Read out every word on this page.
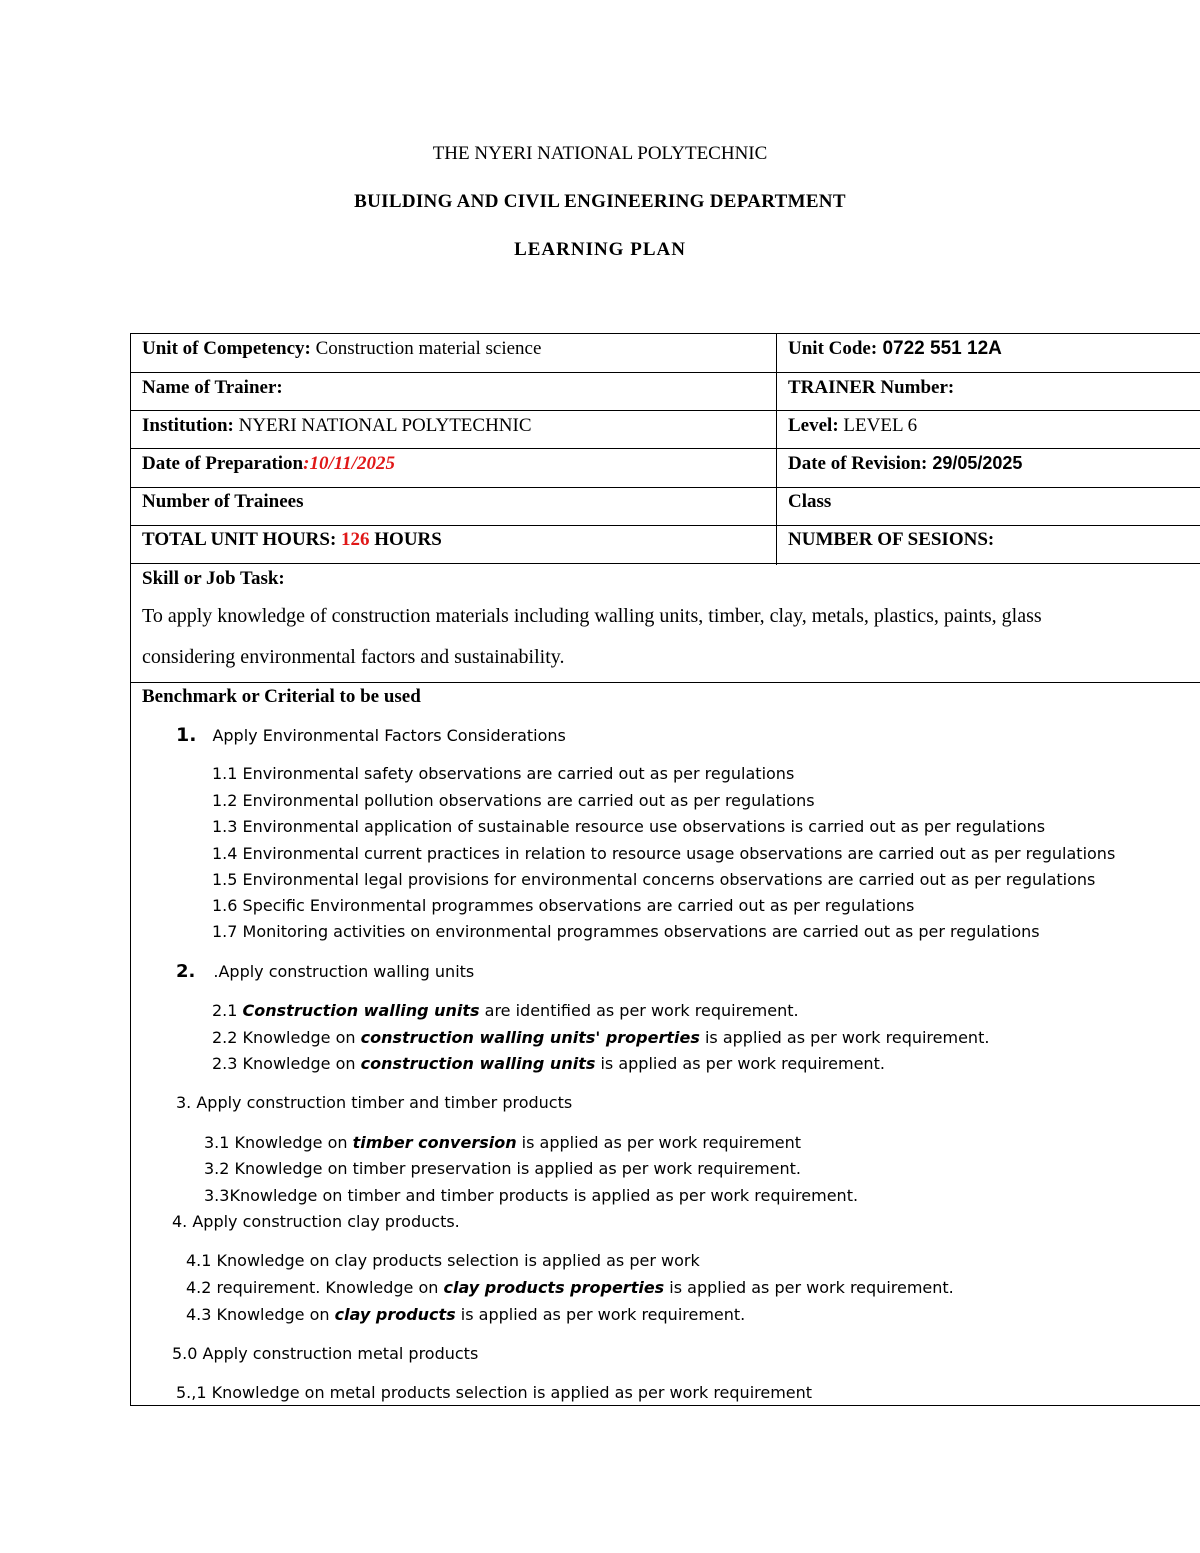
THE NYERI NATIONAL POLYTECHNIC
BUILDING AND CIVIL ENGINEERING DEPARTMENT
LEARNING PLAN
Unit of Competency: Construction material science	Unit Code: 0722 551 12A
Name of Trainer:	TRAINER Number:
Institution: NYERI NATIONAL POLYTECHNIC	Level: LEVEL 6
Date of Preparation:10/11/2025	Date of Revision: 29/05/2025
Number of Trainees	Class
TOTAL UNIT HOURS: 126 HOURS	NUMBER OF SESIONS:
Skill or Job Task:
To apply knowledge of construction materials including walling units, timber, clay, metals, plastics, paints, glass
considering environmental factors and sustainability.
Benchmark or Criterial to be used
1. Apply Environmental Factors Considerations
1.1 Environmental safety observations are carried out as per regulations
1.2 Environmental pollution observations are carried out as per regulations
1.3 Environmental application of sustainable resource use observations is carried out as per regulations
1.4 Environmental current practices in relation to resource usage observations are carried out as per regulations
1.5 Environmental legal provisions for environmental concerns observations are carried out as per regulations
1.6 Specific Environmental programmes observations are carried out as per regulations
1.7 Monitoring activities on environmental programmes observations are carried out as per regulations
2. .Apply construction walling units
2.1 Construction walling units are identified as per work requirement.
2.2 Knowledge on construction walling units' properties is applied as per work requirement.
2.3 Knowledge on construction walling units is applied as per work requirement.
3. Apply construction timber and timber products
3.1 Knowledge on timber conversion is applied as per work requirement
3.2 Knowledge on timber preservation is applied as per work requirement.
3.3Knowledge on timber and timber products is applied as per work requirement.
4. Apply construction clay products.
4.1 Knowledge on clay products selection is applied as per work
4.2 requirement. Knowledge on clay products properties is applied as per work requirement.
4.3 Knowledge on clay products is applied as per work requirement.
5.0 Apply construction metal products
5.,1 Knowledge on metal products selection is applied as per work requirement
